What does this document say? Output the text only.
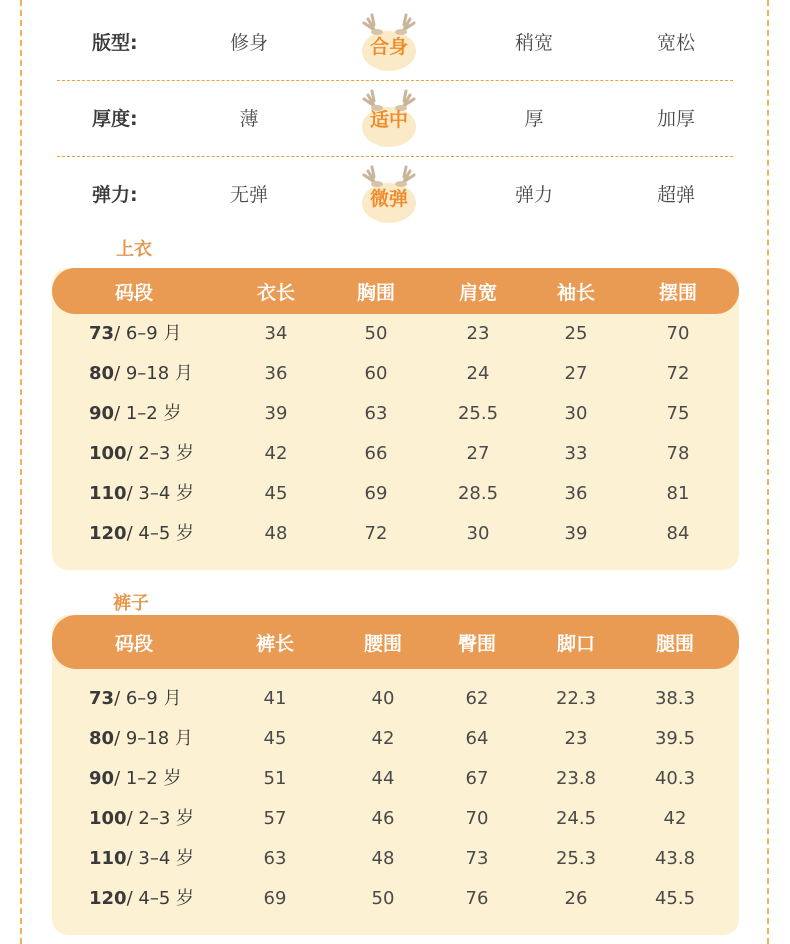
版型:	修身	合身	稍宽	宽松
厚度:	薄	适中	厚	加厚
弹力:	无弹	微弹	弹力	超弹
上衣
码段	衣长	胸围	肩宽	袖长	摆围
73/ 6–9 月	34	50	23	25	70
80/ 9–18 月	36	60	24	27	72
90/ 1–2 岁	39	63	25.5	30	75
100/ 2–3 岁	42	66	27	33	78
110/ 3–4 岁	45	69	28.5	36	81
120/ 4–5 岁	48	72	30	39	84
裤子
码段	裤长	腰围	臀围	脚口	腿围
73/ 6–9 月	41	40	62	22.3	38.3
80/ 9–18 月	45	42	64	23	39.5
90/ 1–2 岁	51	44	67	23.8	40.3
100/ 2–3 岁	57	46	70	24.5	42
110/ 3–4 岁	63	48	73	25.3	43.8
120/ 4–5 岁	69	50	76	26	45.5
